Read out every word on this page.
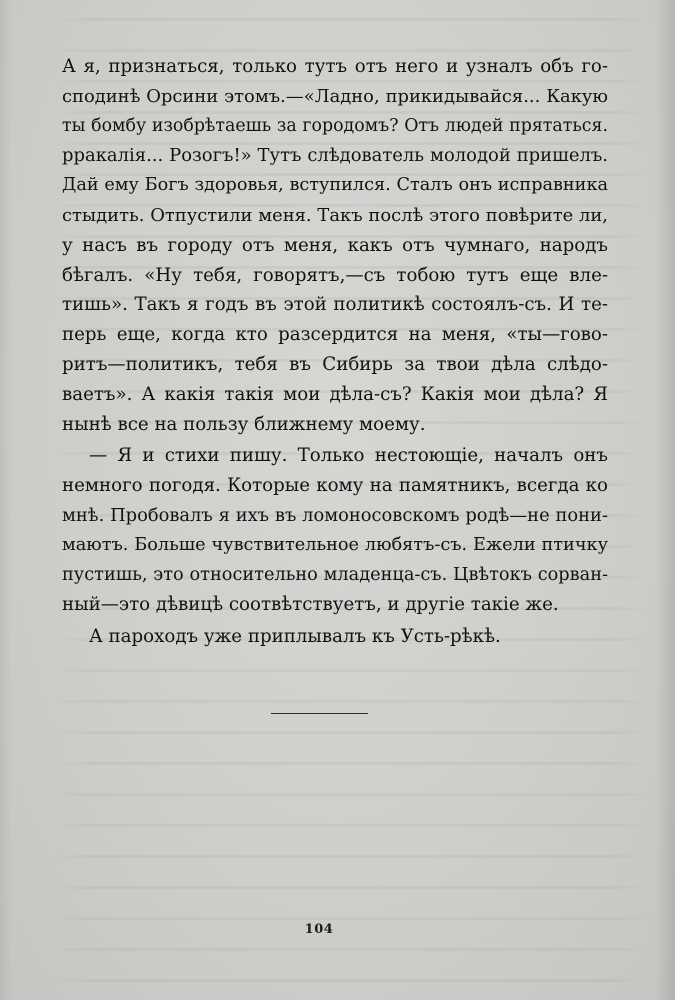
А я, признаться, только тутъ отъ него и узналъ объ го-
сподинѣ Орсини этомъ.—«Ладно, прикидывайся... Какую
ты бомбу изобрѣтаешь за городомъ? Отъ людей прятаться.
рракалія... Розогъ!» Тутъ слѣдователь молодой пришелъ.
Дай ему Богъ здоровья, вступился. Сталъ онъ исправника
стыдить. Отпустили меня. Такъ послѣ этого повѣрите ли,
у насъ въ городу отъ меня, какъ отъ чумнаго, народъ
бѣгалъ. «Ну тебя, говорятъ,—съ тобою тутъ еще вле-
тишь». Такъ я годъ въ этой политикѣ состоялъ-съ. И те-
перь еще, когда кто разсердится на меня, «ты—гово-
ритъ—политикъ, тебя въ Сибирь за твои дѣла слѣдо-
ваетъ». А какія такія мои дѣла-съ? Какія мои дѣла? Я
нынѣ все на пользу ближнему моему.
— Я и стихи пишу. Только нестоющіе, началъ онъ
немного погодя. Которые кому на памятникъ, всегда ко
мнѣ. Пробовалъ я ихъ въ ломоносовскомъ родѣ—не пони-
маютъ. Больше чувствительное любятъ-съ. Ежели птичку
пустишь, это относительно младенца-съ. Цвѣтокъ сорван-
ный—это дѣвицѣ соотвѣтствуетъ, и другіе такіе же.
А пароходъ уже приплывалъ къ Усть-рѣкѣ.
104
